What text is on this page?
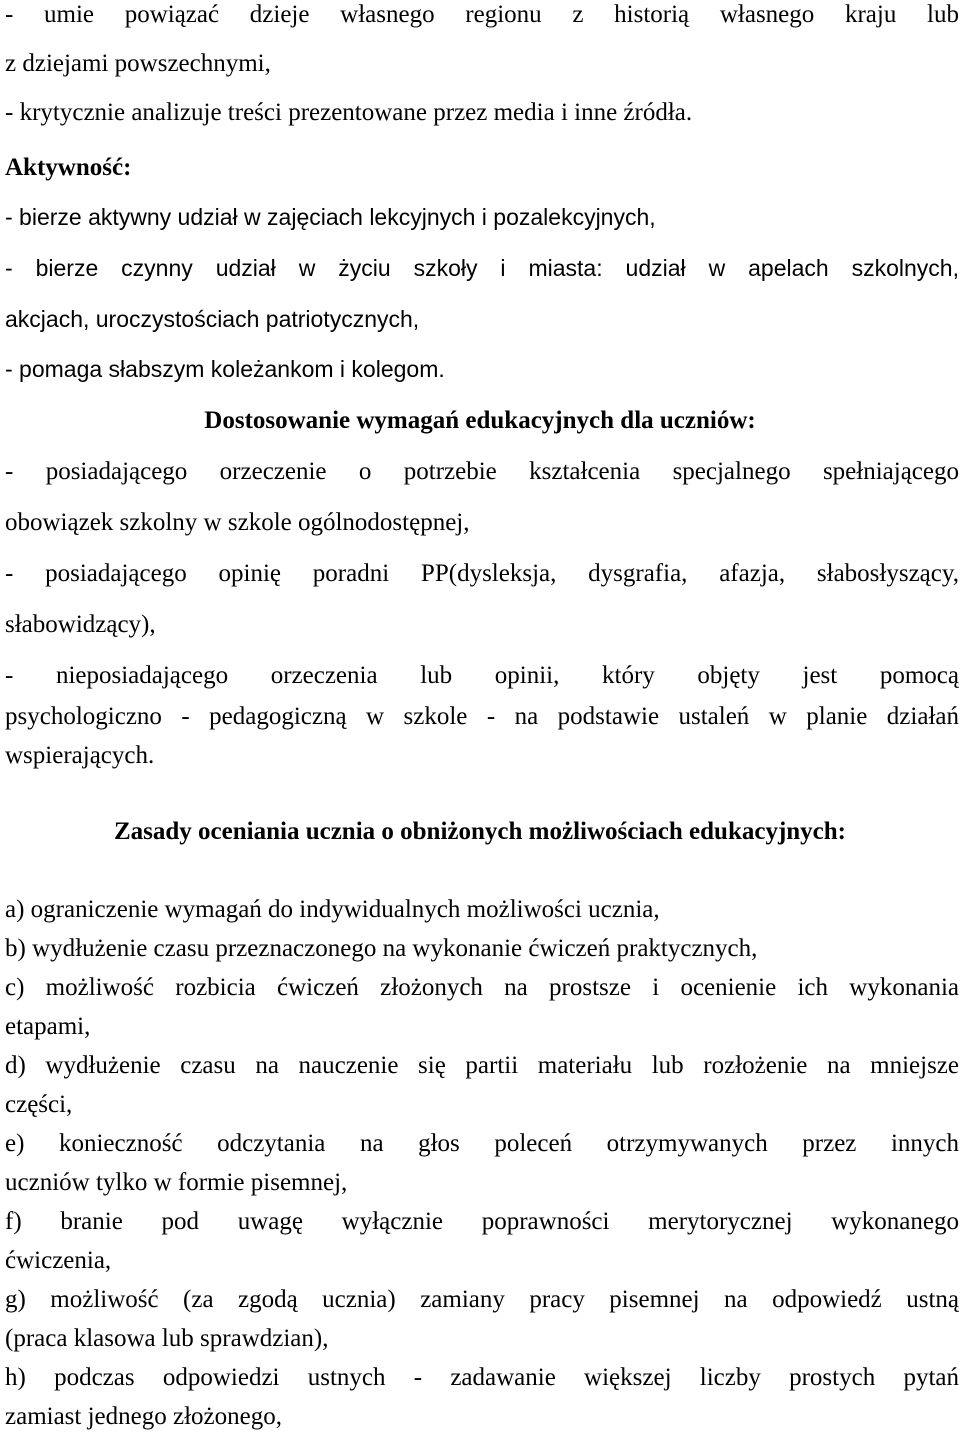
- umie powiązać dzieje własnego regionu z historią własnego kraju lub
z dziejami powszechnymi,
- krytycznie analizuje treści prezentowane przez media i inne źródła.
Aktywność:
- bierze aktywny udział w zajęciach lekcyjnych i pozalekcyjnych,
- bierze czynny udział w życiu szkoły i miasta: udział w apelach szkolnych,
akcjach, uroczystościach patriotycznych,
- pomaga słabszym koleżankom i kolegom.
Dostosowanie wymagań edukacyjnych dla uczniów:
- posiadającego orzeczenie o potrzebie kształcenia specjalnego spełniającego
obowiązek szkolny w szkole ogólnodostępnej,
- posiadającego opinię poradni PP(dysleksja, dysgrafia, afazja, słabosłyszący,
słabowidzący),
- nieposiadającego orzeczenia lub opinii, który objęty jest pomocą
psychologiczno - pedagogiczną w szkole - na podstawie ustaleń w planie działań
wspierających.
Zasady oceniania ucznia o obniżonych możliwościach edukacyjnych:
a) ograniczenie wymagań do indywidualnych możliwości ucznia,
b) wydłużenie czasu przeznaczonego na wykonanie ćwiczeń praktycznych,
c) możliwość rozbicia ćwiczeń złożonych na prostsze i ocenienie ich wykonania
etapami,
d) wydłużenie czasu na nauczenie się partii materiału lub rozłożenie na mniejsze
części,
e) konieczność odczytania na głos poleceń otrzymywanych przez innych
uczniów tylko w formie pisemnej,
f) branie pod uwagę wyłącznie poprawności merytorycznej wykonanego
ćwiczenia,
g) możliwość (za zgodą ucznia) zamiany pracy pisemnej na odpowiedź ustną
(praca klasowa lub sprawdzian),
h) podczas odpowiedzi ustnych - zadawanie większej liczby prostych pytań
zamiast jednego złożonego,
